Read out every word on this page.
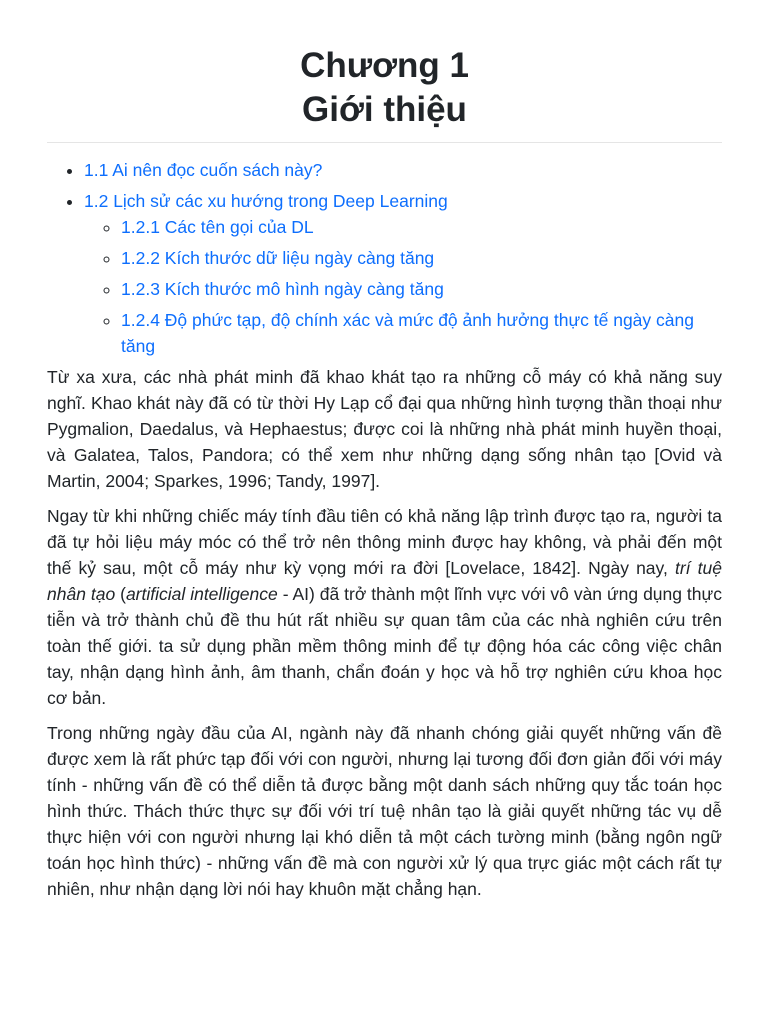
Chương 1
Giới thiệu
• 1.1 Ai nên đọc cuốn sách này?
• 1.2 Lịch sử các xu hướng trong Deep Learning
◦ 1.2.1 Các tên gọi của DL
◦ 1.2.2 Kích thước dữ liệu ngày càng tăng
◦ 1.2.3 Kích thước mô hình ngày càng tăng
◦ 1.2.4 Độ phức tạp, độ chính xác và mức độ ảnh hưởng thực tế ngày càng tăng

Từ xa xưa, các nhà phát minh đã khao khát tạo ra những cỗ máy có khả năng suy nghĩ. Khao khát này đã có từ thời Hy Lạp cổ đại qua những hình tượng thần thoại như Pygmalion, Daedalus, và Hephaestus; được coi là những nhà phát minh huyền thoại, và Galatea, Talos, Pandora; có thể xem như những dạng sống nhân tạo [Ovid và Martin, 2004; Sparkes, 1996; Tandy, 1997].

Ngay từ khi những chiếc máy tính đầu tiên có khả năng lập trình được tạo ra, người ta đã tự hỏi liệu máy móc có thể trở nên thông minh được hay không, và phải đến một thế kỷ sau, một cỗ máy như kỳ vọng mới ra đời [Lovelace, 1842]. Ngày nay, trí tuệ nhân tạo (artificial intelligence - AI) đã trở thành một lĩnh vực với vô vàn ứng dụng thực tiễn và trở thành chủ đề thu hút rất nhiều sự quan tâm của các nhà nghiên cứu trên toàn thế giới. ta sử dụng phần mềm thông minh để tự động hóa các công việc chân tay, nhận dạng hình ảnh, âm thanh, chẩn đoán y học và hỗ trợ nghiên cứu khoa học cơ bản.

Trong những ngày đầu của AI, ngành này đã nhanh chóng giải quyết những vấn đề được xem là rất phức tạp đối với con người, nhưng lại tương đối đơn giản đối với máy tính - những vấn đề có thể diễn tả được bằng một danh sách những quy tắc toán học hình thức. Thách thức thực sự đối với trí tuệ nhân tạo là giải quyết những tác vụ dễ thực hiện với con người nhưng lại khó diễn tả một cách tường minh (bằng ngôn ngữ toán học hình thức) - những vấn đề mà con người xử lý qua trực giác một cách rất tự nhiên, như nhận dạng lời nói hay khuôn mặt chẳng hạn.
